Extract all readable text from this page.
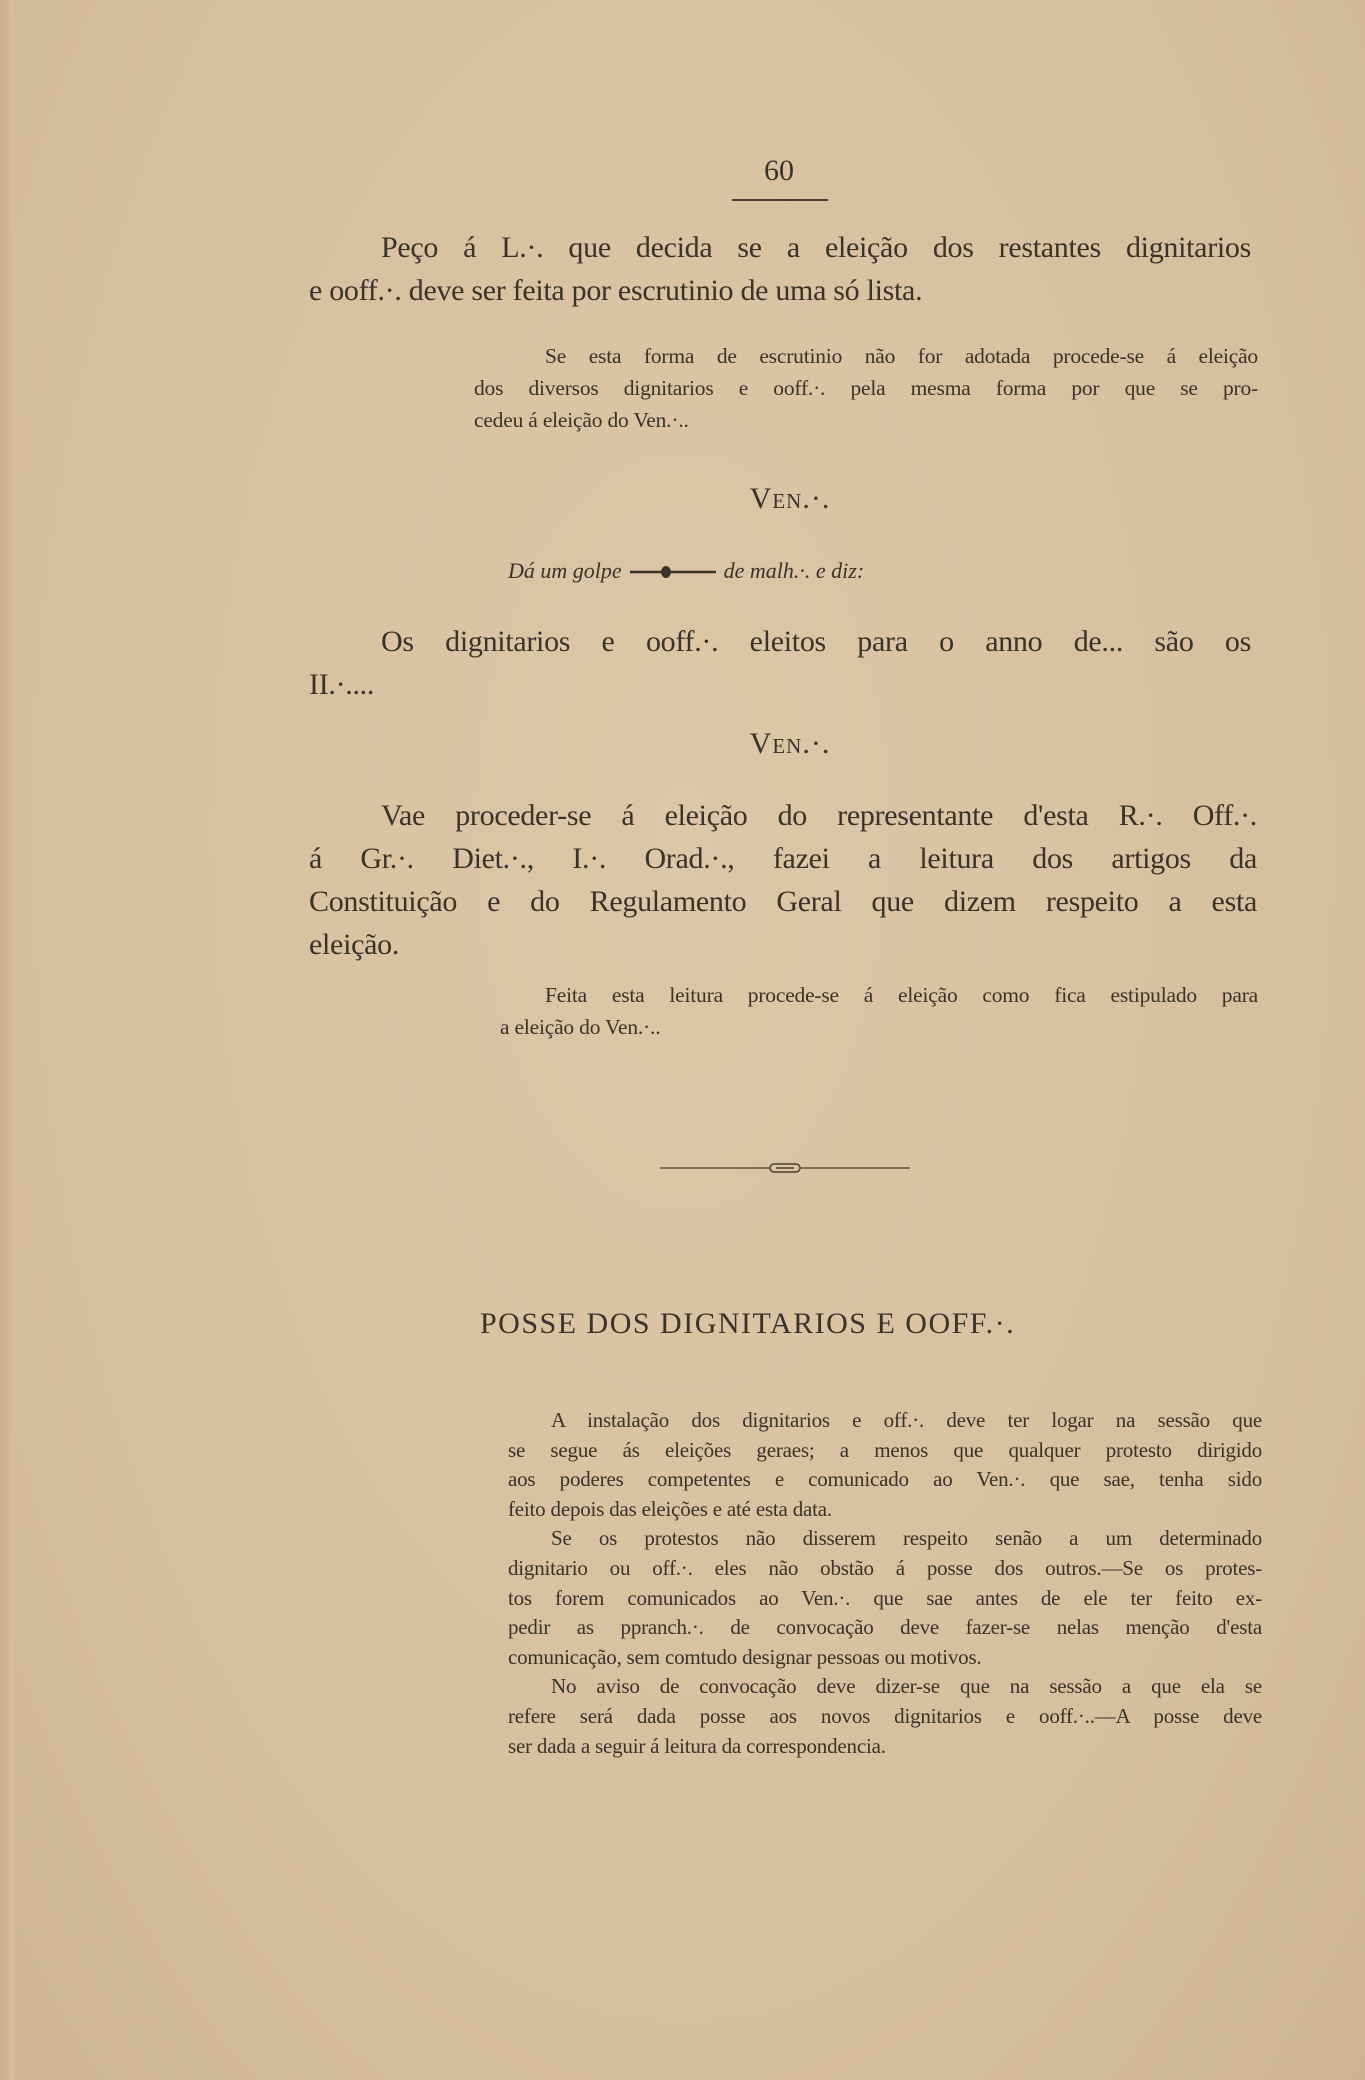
60
Peço á L.·. que decida se a eleição dos restantes dignitarios
e ooff.·. deve ser feita por escrutinio de uma só lista.
Se esta forma de escrutinio não for adotada procede-se á eleição
dos diversos dignitarios e ooff.·. pela mesma forma por que se pro-
cedeu á eleição do Ven.·..
Ven.·.
Dá um golpe	de malh.·. e diz:
Os dignitarios e ooff.·. eleitos para o anno de... são os
II.·....
Ven.·.
Vae proceder-se á eleição do representante d'esta R.·. Off.·.
á Gr.·. Diet.·., I.·. Orad.·., fazei a leitura dos artigos da
Constituição e do Regulamento Geral que dizem respeito a esta
eleição.
Feita esta leitura procede-se á eleição como fica estipulado para
a eleição do Ven.·..
POSSE DOS DIGNITARIOS E OOFF.·.
A instalação dos dignitarios e off.·. deve ter logar na sessão que
se segue ás eleições geraes; a menos que qualquer protesto dirigido
aos poderes competentes e comunicado ao Ven.·. que sae, tenha sido
feito depois das eleições e até esta data.
Se os protestos não disserem respeito senão a um determinado
dignitario ou off.·. eles não obstão á posse dos outros.—Se os protes-
tos forem comunicados ao Ven.·. que sae antes de ele ter feito ex-
pedir as ppranch.·. de convocação deve fazer-se nelas menção d'esta
comunicação, sem comtudo designar pessoas ou motivos.
No aviso de convocação deve dizer-se que na sessão a que ela se
refere será dada posse aos novos dignitarios e ooff.·..—A posse deve
ser dada a seguir á leitura da correspondencia.
